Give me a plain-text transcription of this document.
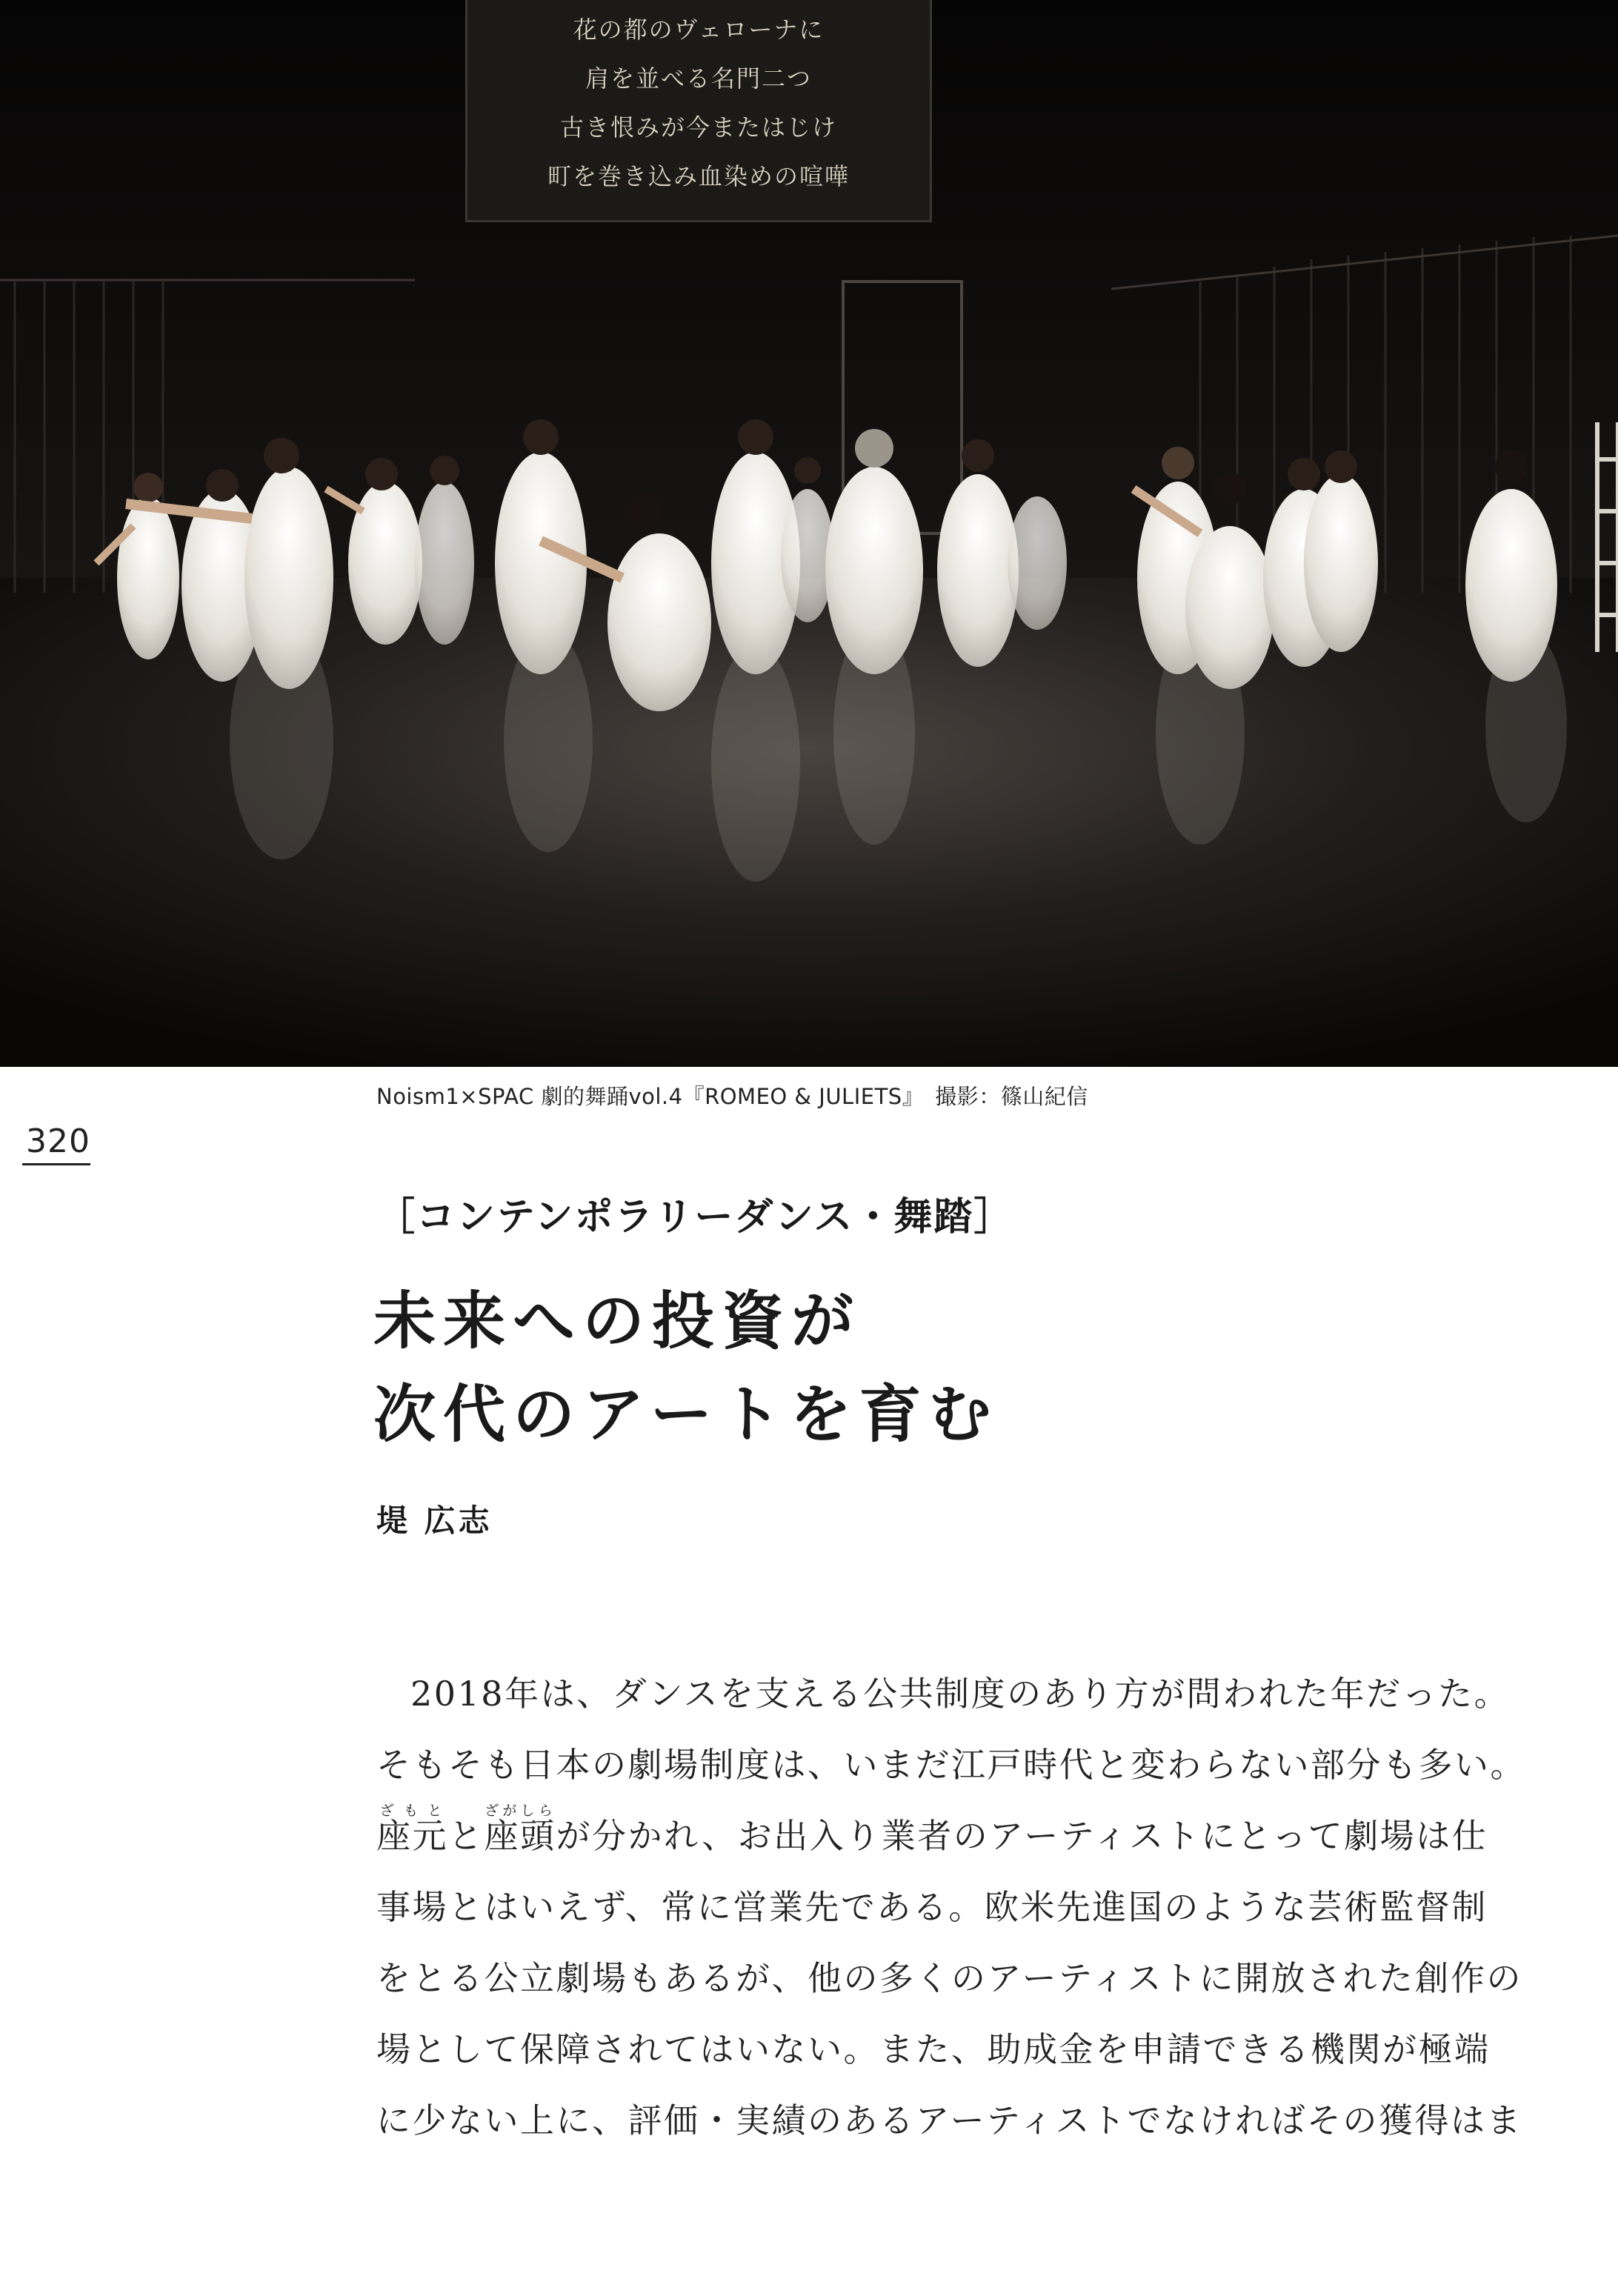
花の都のヴェローナに
肩を並べる名門二つ
古き恨みが今またはじけ
町を巻き込み血染めの喧嘩
Noism1×SPAC 劇的舞踊vol.4『ROMEO & JULIETS』　撮影：篠山紀信
320
［コンテンポラリーダンス・舞踏］
未来への投資が
次代のアートを育む
堤 広志
2018年は、ダンスを支える公共制度のあり方が問われた年だった。
そもそも日本の劇場制度は、いまだ江戸時代と変わらない部分も多い。
座元ざもとと座頭ざがしらが分かれ、お出入り業者のアーティストにとって劇場は仕
事場とはいえず、常に営業先である。欧米先進国のような芸術監督制
をとる公立劇場もあるが、他の多くのアーティストに開放された創作の
場として保障されてはいない。また、助成金を申請できる機関が極端
に少ない上に、評価・実績のあるアーティストでなければその獲得はま
